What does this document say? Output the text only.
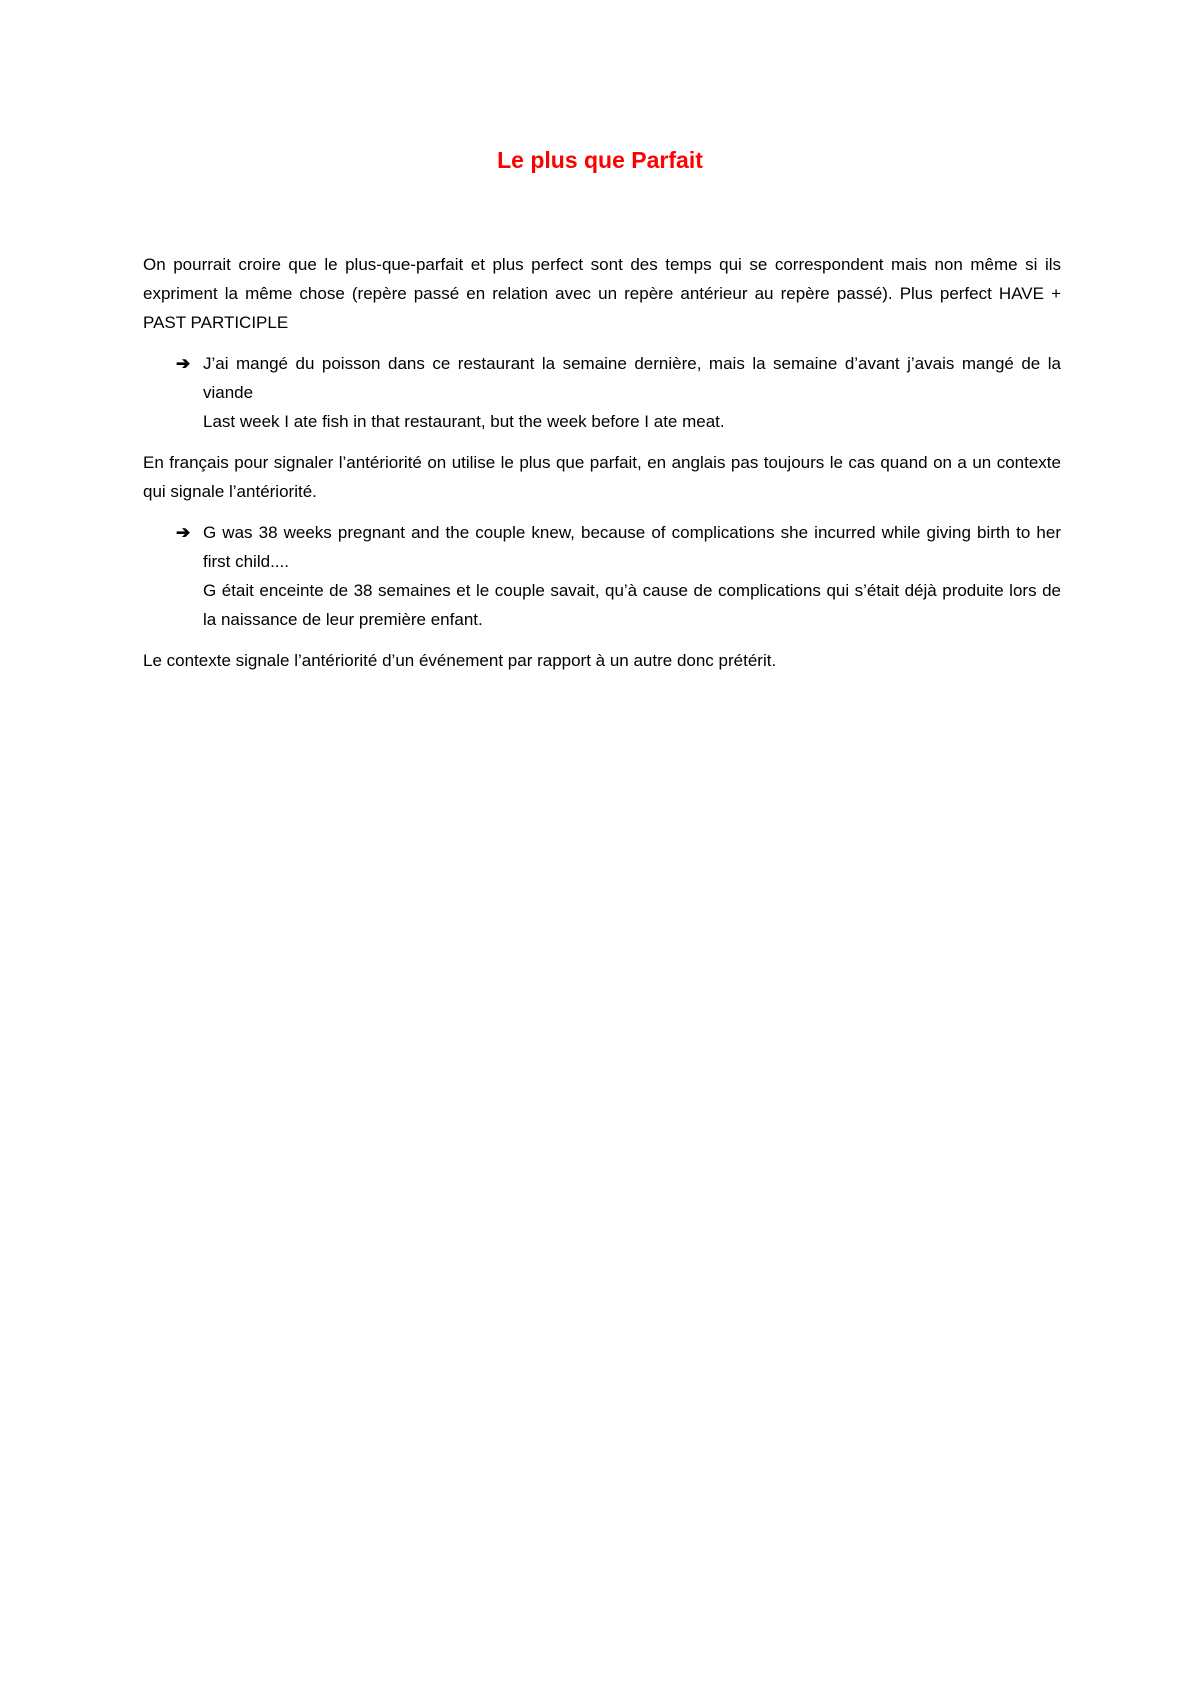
Le plus que Parfait

On pourrait croire que le plus-que-parfait et plus perfect sont des temps qui se correspondent mais non même si ils expriment la même chose (repère passé en relation avec un repère antérieur au repère passé). Plus perfect HAVE + PAST PARTICIPLE

➔ J’ai mangé du poisson dans ce restaurant la semaine dernière, mais la semaine d’avant j’avais mangé de la viande
Last week I ate fish in that restaurant, but the week before I ate meat.

En français pour signaler l’antériorité on utilise le plus que parfait, en anglais pas toujours le cas quand on a un contexte qui signale l’antériorité.

➔ G was 38 weeks pregnant and the couple knew, because of complications she incurred while giving birth to her first child....
G était enceinte de 38 semaines et le couple savait, qu’à cause de complications qui s’était déjà produite lors de la naissance de leur première enfant.

Le contexte signale l’antériorité d’un événement par rapport à un autre donc prétérit.
